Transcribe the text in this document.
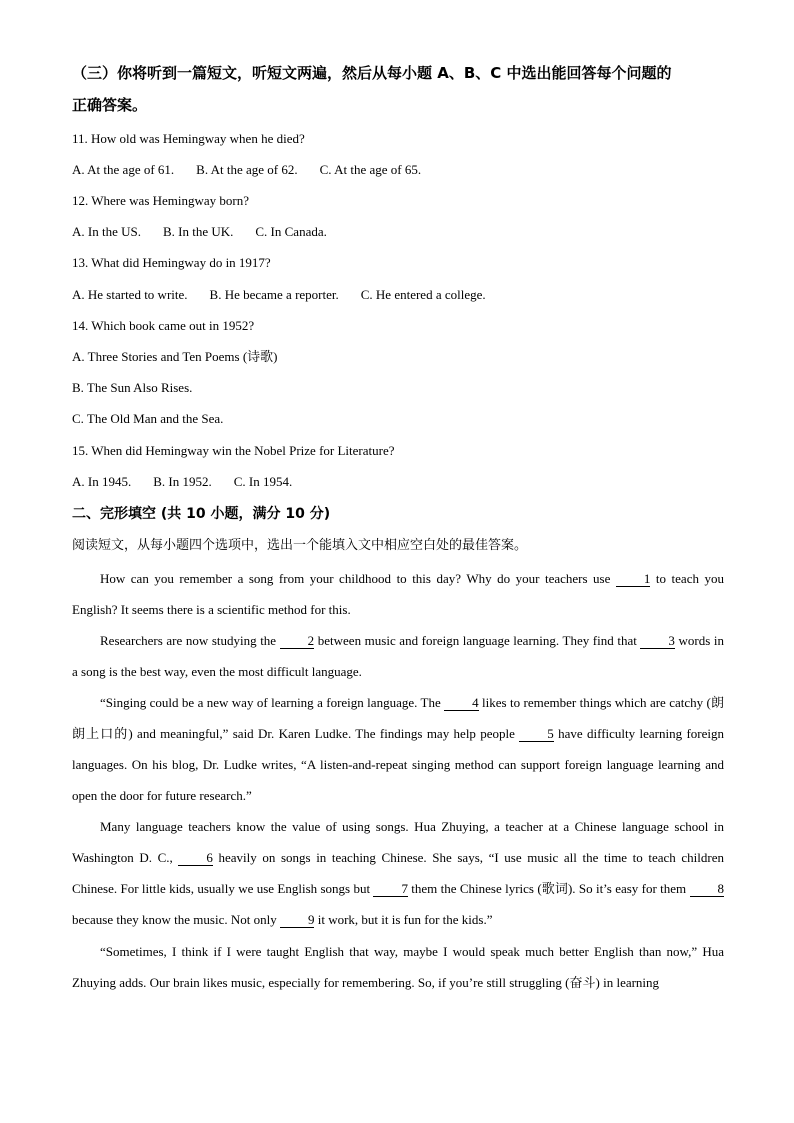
（三）你将听到一篇短文，听短文两遍，然后从每小题 A、B、C 中选出能回答每个问题的
正确答案。
11. How old was Hemingway when he died?
A. At the age of 61. B. At the age of 62. C. At the age of 65.
12. Where was Hemingway born?
A. In the US. B. In the UK. C. In Canada.
13. What did Hemingway do in 1917?
A. He started to write. B. He became a reporter. C. He entered a college.
14. Which book came out in 1952?
A. Three Stories and Ten Poems (诗歌)
B. The Sun Also Rises.
C. The Old Man and the Sea.
15. When did Hemingway win the Nobel Prize for Literature?
A. In 1945. B. In 1952. C. In 1954.
二、完形填空 (共 10 小题，满分 10 分)
阅读短文，从每小题四个选项中，选出一个能填入文中相应空白处的最佳答案。
How can you remember a song from your childhood to this day? Why do your teachers use 1 to teach you English? It seems there is a scientific method for this.
Researchers are now studying the 2 between music and foreign language learning. They find that 3 words in a song is the best way, even the most difficult language.
“Singing could be a new way of learning a foreign language. The 4 likes to remember things which are catchy (朗朗上口的) and meaningful,” said Dr. Karen Ludke. The findings may help people 5 have difficulty learning foreign languages. On his blog, Dr. Ludke writes, “A listen-and-repeat singing method can support foreign language learning and open the door for future research.”
Many language teachers know the value of using songs. Hua Zhuying, a teacher at a Chinese language school in Washington D. C., 6 heavily on songs in teaching Chinese. She says, “I use music all the time to teach children Chinese. For little kids, usually we use English songs but 7 them the Chinese lyrics (歌词). So it’s easy for them 8 because they know the music. Not only 9 it work, but it is fun for the kids.”
“Sometimes, I think if I were taught English that way, maybe I would speak much better English than now,” Hua Zhuying adds. Our brain likes music, especially for remembering. So, if you’re still struggling (奋斗) in learning
